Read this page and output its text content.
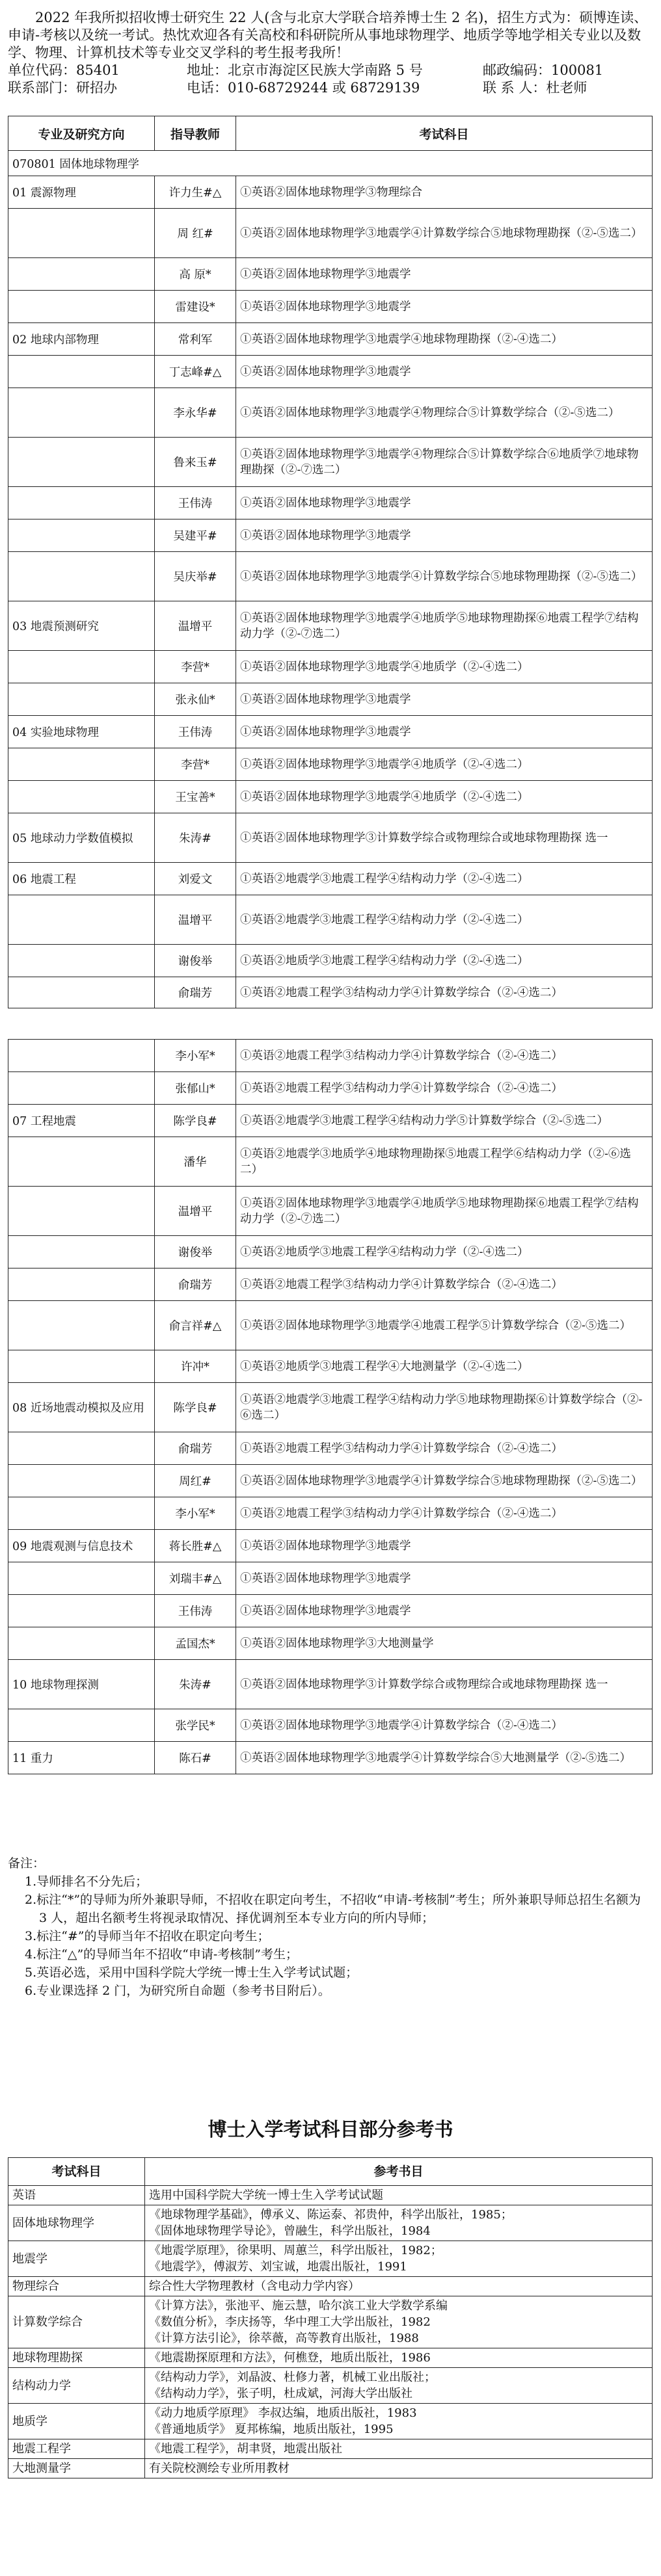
2022 年我所拟招收博士研究生 22 人(含与北京大学联合培养博士生 2 名)，招生方式为：硕博连读、申请-考核以及统一考试。热忱欢迎各有关高校和科研院所从事地球物理学、地质学等地学相关专业以及数学、物理、计算机技术等专业交叉学科的考生报考我所！

单位代码：85401	地址：北京市海淀区民族大学南路 5 号	邮政编码：100081
联系部门：研招办	电话：010-68729244 或 68729139	联 系 人：杜老师
专业及研究方向	指导教师	考试科目
070801 固体地球物理学		
01 震源物理	许力生#△	①英语②固体地球物理学③物理综合
	周 红#	①英语②固体地球物理学③地震学④计算数学综合⑤地球物理勘探（②-⑤选二）
	高 原*	①英语②固体地球物理学③地震学
	雷建设*	①英语②固体地球物理学③地震学
02 地球内部物理	常利军	①英语②固体地球物理学③地震学④地球物理勘探（②-④选二）
	丁志峰#△	①英语②固体地球物理学③地震学
	李永华#	①英语②固体地球物理学③地震学④物理综合⑤计算数学综合（②-⑤选二）
	鲁来玉#	①英语②固体地球物理学③地震学④物理综合⑤计算数学综合⑥地质学⑦地球物理勘探（②-⑦选二）
	王伟涛	①英语②固体地球物理学③地震学
	吴建平#	①英语②固体地球物理学③地震学
	吴庆举#	①英语②固体地球物理学③地震学④计算数学综合⑤地球物理勘探（②-⑤选二）
03 地震预测研究	温增平	①英语②固体地球物理学③地震学④地质学⑤地球物理勘探⑥地震工程学⑦结构动力学（②-⑦选二）
	李营*	①英语②固体地球物理学③地震学④地质学（②-④选二）
	张永仙*	①英语②固体地球物理学③地震学
04 实验地球物理	王伟涛	①英语②固体地球物理学③地震学
	李营*	①英语②固体地球物理学③地震学④地质学（②-④选二）
	王宝善*	①英语②固体地球物理学③地震学④地质学（②-④选二）
05 地球动力学数值模拟	朱涛#	①英语②固体地球物理学③计算数学综合或物理综合或地球物理勘探 选一
06 地震工程	刘爱文	①英语②地震学③地震工程学④结构动力学（②-④选二）
	温增平	①英语②地震学③地震工程学④结构动力学（②-④选二）
	谢俊举	①英语②地质学③地震工程学④结构动力学（②-④选二）
	俞瑞芳	①英语②地震工程学③结构动力学④计算数学综合（②-④选二）
	李小军*	①英语②地震工程学③结构动力学④计算数学综合（②-④选二）
	张郁山*	①英语②地震工程学③结构动力学④计算数学综合（②-④选二）
07 工程地震	陈学良#	①英语②地震学③地震工程学④结构动力学⑤计算数学综合（②-⑤选二）
	潘华	①英语②地震学③地质学④地球物理勘探⑤地震工程学⑥结构动力学（②-⑥选二）
	温增平	①英语②固体地球物理学③地震学④地质学⑤地球物理勘探⑥地震工程学⑦结构动力学（②-⑦选二）
	谢俊举	①英语②地质学③地震工程学④结构动力学（②-④选二）
	俞瑞芳	①英语②地震工程学③结构动力学④计算数学综合（②-④选二）
	俞言祥#△	①英语②固体地球物理学③地震学④地震工程学⑤计算数学综合（②-⑤选二）
	许冲*	①英语②地质学③地震工程学④大地测量学（②-④选二）
08 近场地震动模拟及应用	陈学良#	①英语②地震学③地震工程学④结构动力学⑤地球物理勘探⑥计算数学综合（②-⑥选二）
	俞瑞芳	①英语②地震工程学③结构动力学④计算数学综合（②-④选二）
	周红#	①英语②固体地球物理学③地震学④计算数学综合⑤地球物理勘探（②-⑤选二）
	李小军*	①英语②地震工程学③结构动力学④计算数学综合（②-④选二）
09 地震观测与信息技术	蒋长胜#△	①英语②固体地球物理学③地震学
	刘瑞丰#△	①英语②固体地球物理学③地震学
	王伟涛	①英语②固体地球物理学③地震学
	孟国杰*	①英语②固体地球物理学③大地测量学
10 地球物理探测	朱涛#	①英语②固体地球物理学③计算数学综合或物理综合或地球物理勘探 选一
	张学民*	①英语②固体地球物理学③地震学④计算数学综合（②-④选二）
11 重力	陈石#	①英语②固体地球物理学③地震学④计算数学综合⑤大地测量学（②-⑤选二）
备注：
1.导师排名不分先后；
2.标注“*”的导师为所外兼职导师，不招收在职定向考生，不招收“申请-考核制”考生；所外兼职导师总招生名额为 3 人，超出名额考生将视录取情况、择优调剂至本专业方向的所内导师；
3.标注“#”的导师当年不招收在职定向考生；
4.标注“△”的导师当年不招收“申请-考核制”考生；
5.英语必选，采用中国科学院大学统一博士生入学考试试题；
6.专业课选择 2 门，为研究所自命题（参考书目附后）。
博士入学考试科目部分参考书
考试科目	参考书目
英语	选用中国科学院大学统一博士生入学考试试题

固体地球物理学	《地球物理学基础》，傅承义、陈运泰、祁贵仲，科学出版社，1985；
《固体地球物理学导论》，曾融生，科学出版社，1984

地震学	《地震学原理》，徐果明、周蕙兰，科学出版社，1982；
《地震学》，傅淑芳、刘宝诚，地震出版社，1991

物理综合	综合性大学物理教材（含电动力学内容）

计算数学综合	《计算方法》，张池平、施云慧，哈尔滨工业大学数学系编
《数值分析》，李庆扬等，华中理工大学出版社，1982
《计算方法引论》，徐萃薇，高等教育出版社，1988

地球物理勘探	《地震勘探原理和方法》，何樵登，地质出版社，1986

结构动力学	《结构动力学》，刘晶波、杜修力著，机械工业出版社；
《结构动力学》，张子明，杜成斌，河海大学出版社

地质学	《动力地质学原理》 李叔达编，地质出版社，1983
《普通地质学》 夏邦栋编，地质出版社，1995

地震工程学	《地震工程学》，胡聿贤，地震出版社

大地测量学	有关院校测绘专业所用教材
